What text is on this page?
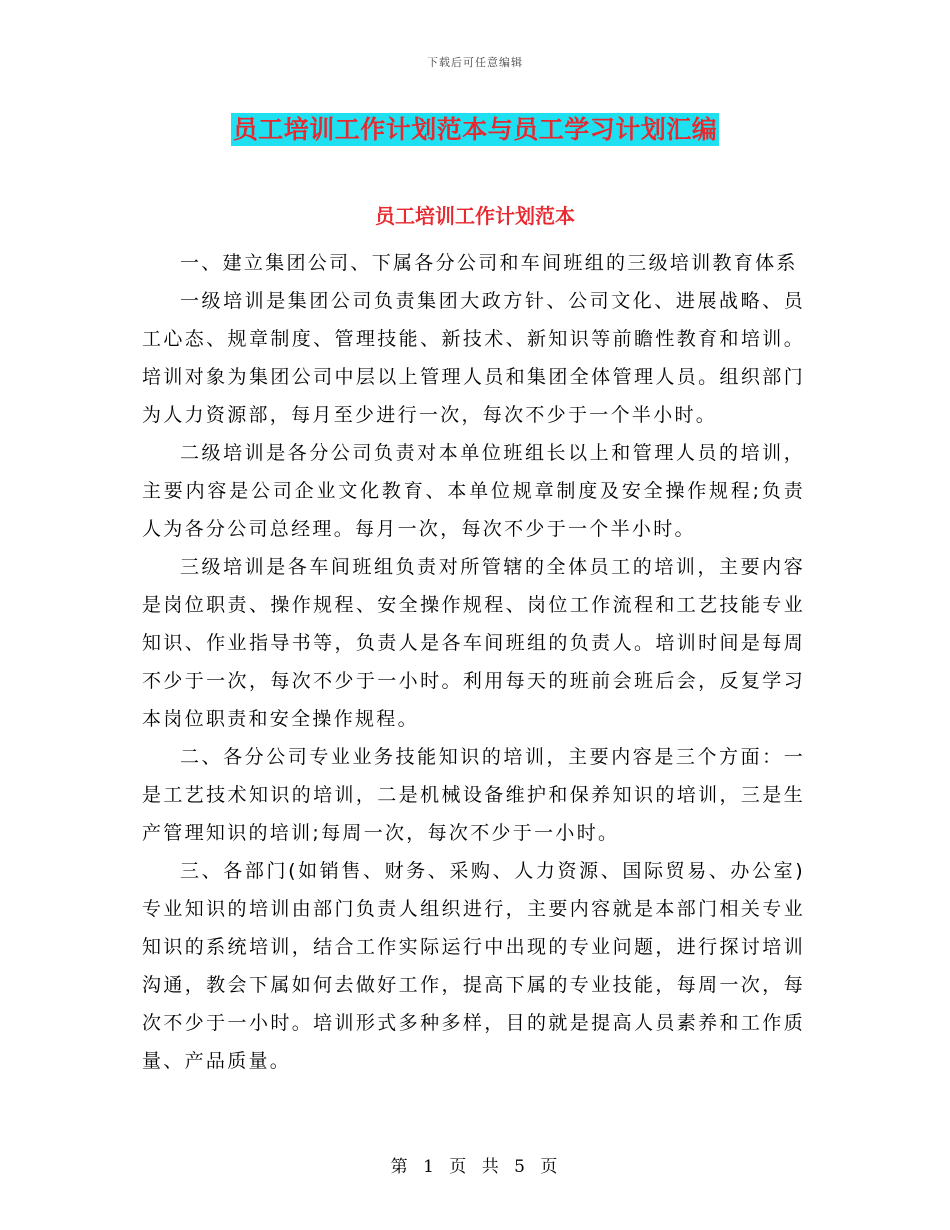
下载后可任意编辑
员工培训工作计划范本与员工学习计划汇编
员工培训工作计划范本

一、建立集团公司、下属各分公司和车间班组的三级培训教育体系

一级培训是集团公司负责集团大政方针、公司文化、进展战略、员工心态、规章制度、管理技能、新技术、新知识等前瞻性教育和培训。培训对象为集团公司中层以上管理人员和集团全体管理人员。组织部门为人力资源部，每月至少进行一次，每次不少于一个半小时。

二级培训是各分公司负责对本单位班组长以上和管理人员的培训，主要内容是公司企业文化教育、本单位规章制度及安全操作规程;负责人为各分公司总经理。每月一次，每次不少于一个半小时。

三级培训是各车间班组负责对所管辖的全体员工的培训，主要内容是岗位职责、操作规程、安全操作规程、岗位工作流程和工艺技能专业知识、作业指导书等，负责人是各车间班组的负责人。培训时间是每周不少于一次，每次不少于一小时。利用每天的班前会班后会，反复学习本岗位职责和安全操作规程。

二、各分公司专业业务技能知识的培训，主要内容是三个方面：一是工艺技术知识的培训，二是机械设备维护和保养知识的培训，三是生产管理知识的培训;每周一次，每次不少于一小时。

三、各部门(如销售、财务、采购、人力资源、国际贸易、办公室)专业知识的培训由部门负责人组织进行，主要内容就是本部门相关专业知识的系统培训，结合工作实际运行中出现的专业问题，进行探讨培训沟通，教会下属如何去做好工作，提高下属的专业技能，每周一次，每次不少于一小时。培训形式多种多样，目的就是提高人员素养和工作质量、产品质量。

第 1 页 共 5 页
